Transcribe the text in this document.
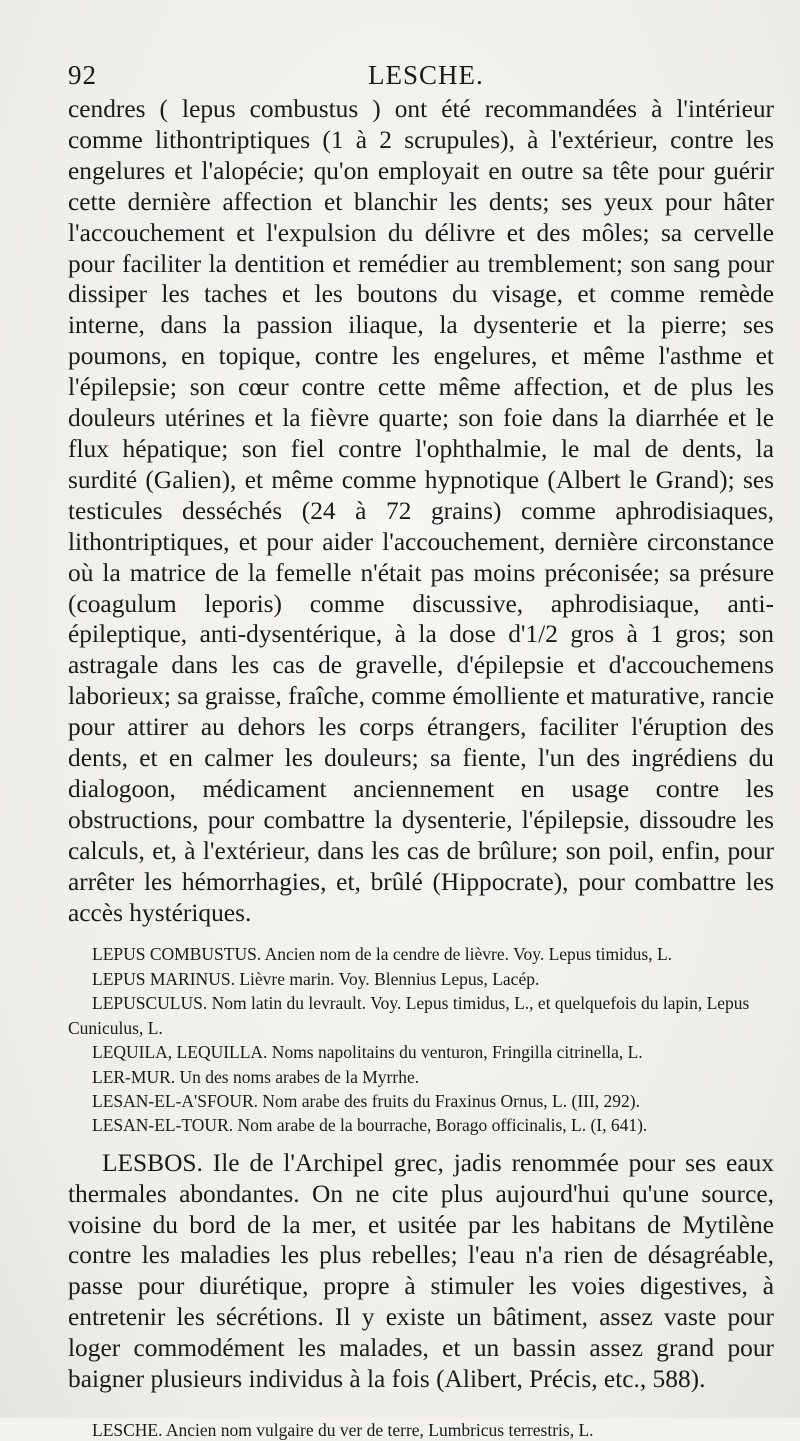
92	LESCHE.

cendres ( lepus combustus ) ont été recommandées à l'intérieur comme lithontriptiques (1 à 2 scrupules), à l'extérieur, contre les engelures et l'alopécie; qu'on employait en outre sa tête pour guérir cette dernière affection et blanchir les dents; ses yeux pour hâter l'accouchement et l'expulsion du délivre et des môles; sa cervelle pour faciliter la dentition et remédier au tremblement; son sang pour dissiper les taches et les boutons du visage, et comme remède interne, dans la passion iliaque, la dysenterie et la pierre; ses poumons, en topique, contre les engelures, et même l'asthme et l'épilepsie; son cœur contre cette même affection, et de plus les douleurs utérines et la fièvre quarte; son foie dans la diarrhée et le flux hépatique; son fiel contre l'ophthalmie, le mal de dents, la surdité (Galien), et même comme hypnotique (Albert le Grand); ses testicules desséchés (24 à 72 grains) comme aphrodisiaques, lithontriptiques, et pour aider l'accouchement, dernière circonstance où la matrice de la femelle n'était pas moins préconisée; sa présure (coagulum leporis) comme discussive, aphrodisiaque, anti-épileptique, anti-dysentérique, à la dose d'1/2 gros à 1 gros; son astragale dans les cas de gravelle, d'épilepsie et d'accouchemens laborieux; sa graisse, fraîche, comme émolliente et maturative, rancie pour attirer au dehors les corps étrangers, faciliter l'éruption des dents, et en calmer les douleurs; sa fiente, l'un des ingrédiens du dialogoon, médicament anciennement en usage contre les obstructions, pour combattre la dysenterie, l'épilepsie, dissoudre les calculs, et, à l'extérieur, dans les cas de brûlure; son poil, enfin, pour arrêter les hémorrhagies, et, brûlé (Hippocrate), pour combattre les accès hystériques.

LEPUS COMBUSTUS. Ancien nom de la cendre de lièvre. Voy. Lepus timidus, L.

LEPUS MARINUS. Lièvre marin. Voy. Blennius Lepus, Lacép.

LEPUSCULUS. Nom latin du levrault. Voy. Lepus timidus, L., et quelquefois du lapin, Lepus Cuniculus, L.

LEQUILA, LEQUILLA. Noms napolitains du venturon, Fringilla citrinella, L.

LER-MUR. Un des noms arabes de la Myrrhe.

LESAN-EL-A'SFOUR. Nom arabe des fruits du Fraxinus Ornus, L. (III, 292).

LESAN-EL-TOUR. Nom arabe de la bourrache, Borago officinalis, L. (I, 641).

LESBOS. Ile de l'Archipel grec, jadis renommée pour ses eaux thermales abondantes. On ne cite plus aujourd'hui qu'une source, voisine du bord de la mer, et usitée par les habitans de Mytilène contre les maladies les plus rebelles; l'eau n'a rien de désagréable, passe pour diurétique, propre à stimuler les voies digestives, à entretenir les sécrétions. Il y existe un bâtiment, assez vaste pour loger commodément les malades, et un bassin assez grand pour baigner plusieurs individus à la fois (Alibert, Précis, etc., 588).

LESCHE. Ancien nom vulgaire du ver de terre, Lumbricus terrestris, L.
